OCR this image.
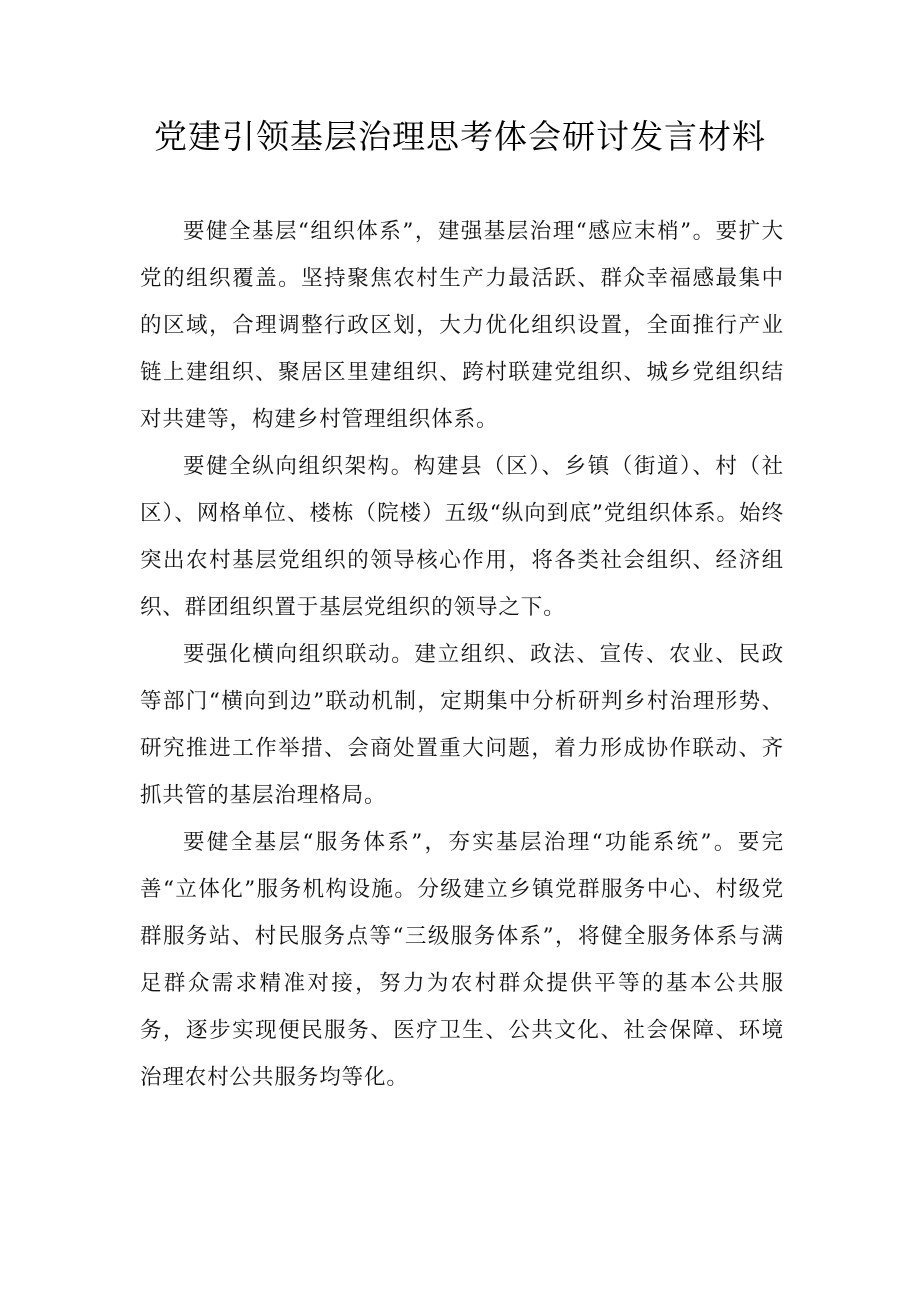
党建引领基层治理思考体会研讨发言材料

要健全基层“组织体系”，建强基层治理“感应末梢”。要扩大党的组织覆盖。坚持聚焦农村生产力最活跃、群众幸福感最集中的区域，合理调整行政区划，大力优化组织设置，全面推行产业链上建组织、聚居区里建组织、跨村联建党组织、城乡党组织结对共建等，构建乡村管理组织体系。

要健全纵向组织架构。构建县（区）、乡镇（街道）、村（社区）、网格单位、楼栋（院楼）五级“纵向到底”党组织体系。始终突出农村基层党组织的领导核心作用，将各类社会组织、经济组织、群团组织置于基层党组织的领导之下。

要强化横向组织联动。建立组织、政法、宣传、农业、民政等部门“横向到边”联动机制，定期集中分析研判乡村治理形势、研究推进工作举措、会商处置重大问题，着力形成协作联动、齐抓共管的基层治理格局。

要健全基层“服务体系”，夯实基层治理“功能系统”。要完善“立体化”服务机构设施。分级建立乡镇党群服务中心、村级党群服务站、村民服务点等“三级服务体系”，将健全服务体系与满足群众需求精准对接，努力为农村群众提供平等的基本公共服务，逐步实现便民服务、医疗卫生、公共文化、社会保障、环境治理农村公共服务均等化。
